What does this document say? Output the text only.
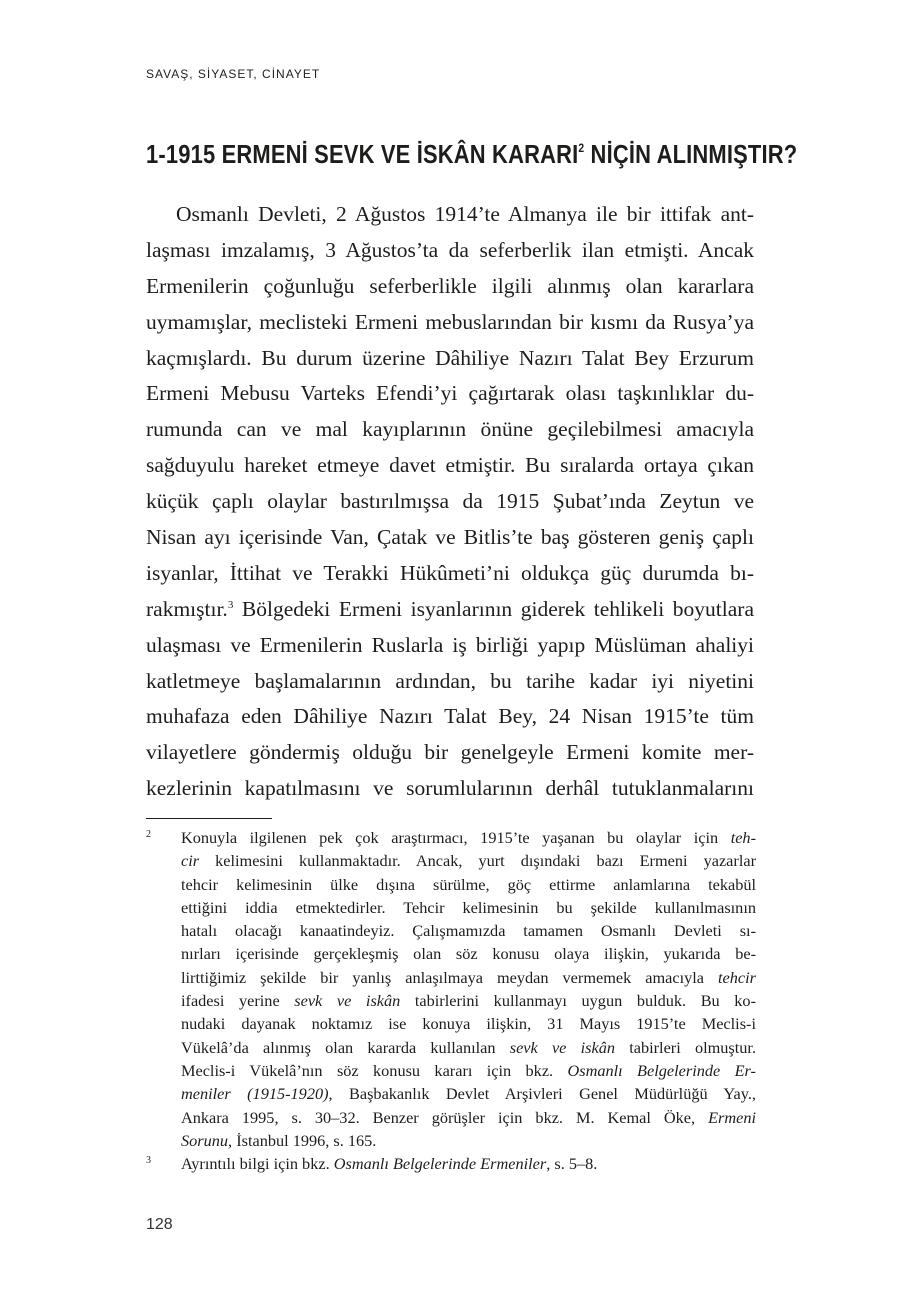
SAVAŞ, SİYASET, CİNAYET
1-1915 ERMENİ SEVK VE İSKÂN KARARI$^2$ NİÇİN ALINMIŞTIR?
Osmanlı Devleti, 2 Ağustos 1914’te Almanya ile bir ittifak ant-
laşması imzalamış, 3 Ağustos’ta da seferberlik ilan etmişti. Ancak
Ermenilerin çoğunluğu seferberlikle ilgili alınmış olan kararlara
uymamışlar, meclisteki Ermeni mebuslarından bir kısmı da Rusya’ya
kaçmışlardı. Bu durum üzerine Dâhiliye Nazırı Talat Bey Erzurum
Ermeni Mebusu Varteks Efendi’yi çağırtarak olası taşkınlıklar du-
rumunda can ve mal kayıplarının önüne geçilebilmesi amacıyla
sağduyulu hareket etmeye davet etmiştir. Bu sıralarda ortaya çıkan
küçük çaplı olaylar bastırılmışsa da 1915 Şubat’ında Zeytun ve
Nisan ayı içerisinde Van, Çatak ve Bitlis’te baş gösteren geniş çaplı
isyanlar, İttihat ve Terakki Hükûmeti’ni oldukça güç durumda bı-
rakmıştır.$^3$ Bölgedeki Ermeni isyanlarının giderek tehlikeli boyutlara
ulaşması ve Ermenilerin Ruslarla iş birliği yapıp Müslüman ahaliyi
katletmeye başlamalarının ardından, bu tarihe kadar iyi niyetini
muhafaza eden Dâhiliye Nazırı Talat Bey, 24 Nisan 1915’te tüm
vilayetlere göndermiş olduğu bir genelgeyle Ermeni komite mer-
kezlerinin kapatılmasını ve sorumlularının derhâl tutuklanmalarını
2 Konuyla ilgilenen pek çok araştırmacı, 1915’te yaşanan bu olaylar için teh-
cir kelimesini kullanmaktadır. Ancak, yurt dışındaki bazı Ermeni yazarlar
tehcir kelimesinin ülke dışına sürülme, göç ettirme anlamlarına tekabül
ettiğini iddia etmektedirler. Tehcir kelimesinin bu şekilde kullanılmasının
hatalı olacağı kanaatindeyiz. Çalışmamızda tamamen Osmanlı Devleti sı-
nırları içerisinde gerçekleşmiş olan söz konusu olaya ilişkin, yukarıda be-
lirttiğimiz şekilde bir yanlış anlaşılmaya meydan vermemek amacıyla tehcir
ifadesi yerine sevk ve iskân tabirlerini kullanmayı uygun bulduk. Bu ko-
nudaki dayanak noktamız ise konuya ilişkin, 31 Mayıs 1915’te Meclis-i
Vükelâ’da alınmış olan kararda kullanılan sevk ve iskân tabirleri olmuştur.
Meclis-i Vükelâ’nın söz konusu kararı için bkz. Osmanlı Belgelerinde Er-
meniler (1915-1920), Başbakanlık Devlet Arşivleri Genel Müdürlüğü Yay.,
Ankara 1995, s. 30–32. Benzer görüşler için bkz. M. Kemal Öke, Ermeni
Sorunu, İstanbul 1996, s. 165.
3 Ayrıntılı bilgi için bkz. Osmanlı Belgelerinde Ermeniler, s. 5–8.
128
